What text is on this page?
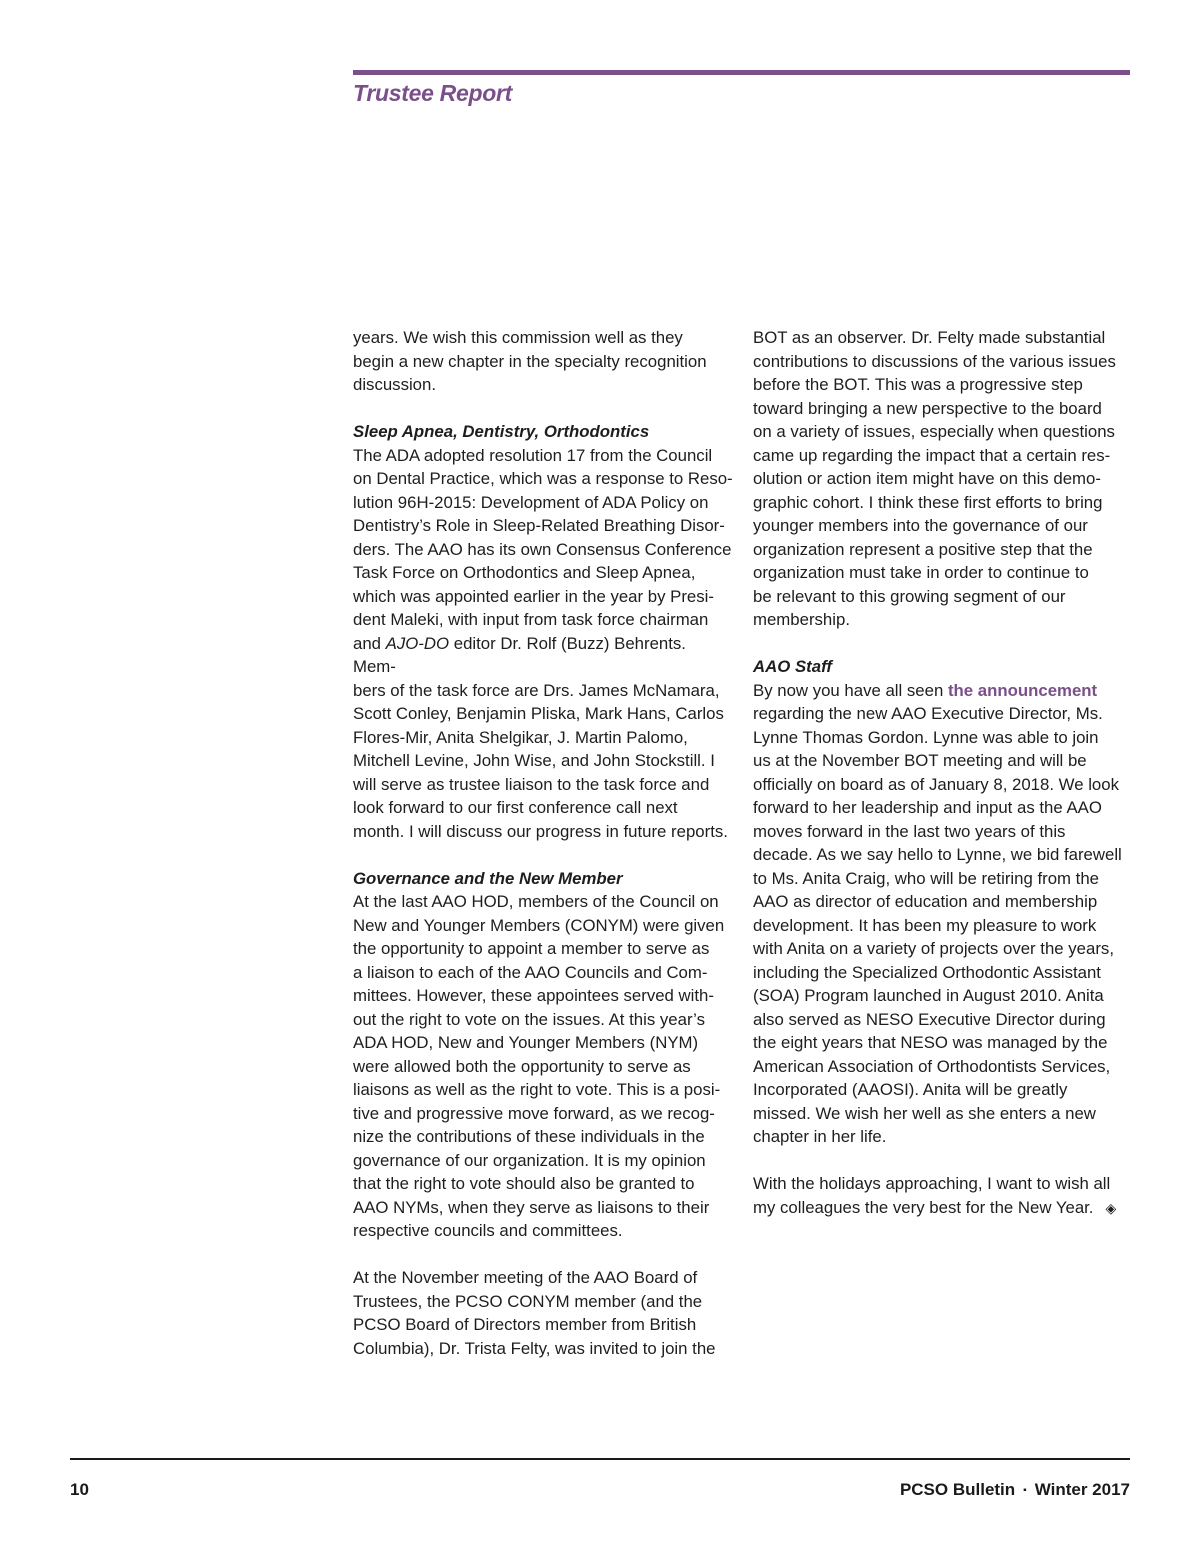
Trustee Report

years. We wish this commission well as they
begin a new chapter in the specialty recognition
discussion.

Sleep Apnea, Dentistry, Orthodontics

The ADA adopted resolution 17 from the Council
on Dental Practice, which was a response to Reso-
lution 96H-2015: Development of ADA Policy on
Dentistry’s Role in Sleep-Related Breathing Disor-
ders. The AAO has its own Consensus Conference
Task Force on Orthodontics and Sleep Apnea,
which was appointed earlier in the year by Presi-
dent Maleki, with input from task force chairman
and AJO-DO editor Dr. Rolf (Buzz) Behrents. Mem-
bers of the task force are Drs. James McNamara,
Scott Conley, Benjamin Pliska, Mark Hans, Carlos
Flores-Mir, Anita Shelgikar, J. Martin Palomo,
Mitchell Levine, John Wise, and John Stockstill. I
will serve as trustee liaison to the task force and
look forward to our first conference call next
month. I will discuss our progress in future reports.

Governance and the New Member

At the last AAO HOD, members of the Council on
New and Younger Members (CONYM) were given
the opportunity to appoint a member to serve as
a liaison to each of the AAO Councils and Com-
mittees. However, these appointees served with-
out the right to vote on the issues. At this year’s
ADA HOD, New and Younger Members (NYM)
were allowed both the opportunity to serve as
liaisons as well as the right to vote. This is a posi-
tive and progressive move forward, as we recog-
nize the contributions of these individuals in the
governance of our organization. It is my opinion
that the right to vote should also be granted to
AAO NYMs, when they serve as liaisons to their
respective councils and committees.

At the November meeting of the AAO Board of
Trustees, the PCSO CONYM member (and the
PCSO Board of Directors member from British
Columbia), Dr. Trista Felty, was invited to join the

BOT as an observer. Dr. Felty made substantial
contributions to discussions of the various issues
before the BOT. This was a progressive step
toward bringing a new perspective to the board
on a variety of issues, especially when questions
came up regarding the impact that a certain res-
olution or action item might have on this demo-
graphic cohort. I think these first efforts to bring
younger members into the governance of our
organization represent a positive step that the
organization must take in order to continue to
be relevant to this growing segment of our
membership.

AAO Staff

By now you have all seen the announcement
regarding the new AAO Executive Director, Ms.
Lynne Thomas Gordon. Lynne was able to join
us at the November BOT meeting and will be
officially on board as of January 8, 2018. We look
forward to her leadership and input as the AAO
moves forward in the last two years of this
decade. As we say hello to Lynne, we bid farewell
to Ms. Anita Craig, who will be retiring from the
AAO as director of education and membership
development. It has been my pleasure to work
with Anita on a variety of projects over the years,
including the Specialized Orthodontic Assistant
(SOA) Program launched in August 2010. Anita
also served as NESO Executive Director during
the eight years that NESO was managed by the
American Association of Orthodontists Services,
Incorporated (AAOSI). Anita will be greatly
missed. We wish her well as she enters a new
chapter in her life.

With the holidays approaching, I want to wish all
my colleagues the very best for the New Year. ◈

10	PCSO Bulletin ▪ Winter 2017
